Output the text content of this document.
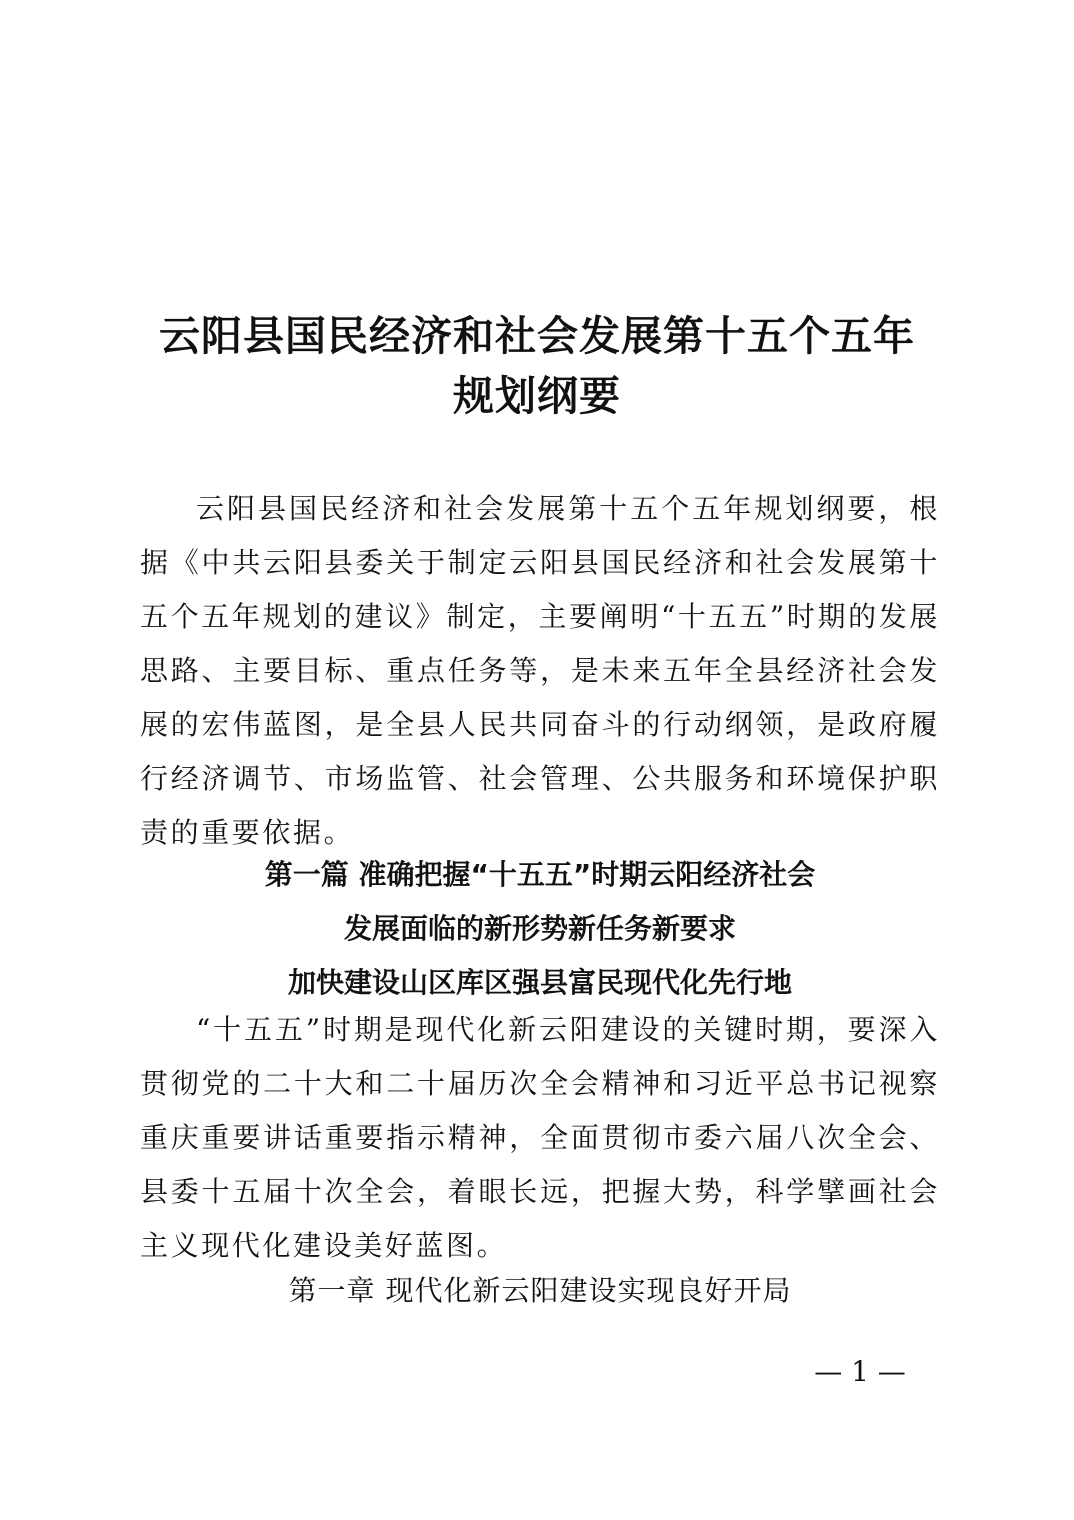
云阳县国民经济和社会发展第十五个五年
规划纲要

云阳县国民经济和社会发展第十五个五年规划纲要，根据《中共云阳县委关于制定云阳县国民经济和社会发展第十五个五年规划的建议》制定，主要阐明“十五五”时期的发展思路、主要目标、重点任务等，是未来五年全县经济社会发展的宏伟蓝图，是全县人民共同奋斗的行动纲领，是政府履行经济调节、市场监管、社会管理、公共服务和环境保护职责的重要依据。

第一篇 准确把握“十五五”时期云阳经济社会
发展面临的新形势新任务新要求
加快建设山区库区强县富民现代化先行地

“十五五”时期是现代化新云阳建设的关键时期，要深入贯彻党的二十大和二十届历次全会精神和习近平总书记视察重庆重要讲话重要指示精神，全面贯彻市委六届八次全会、县委十五届十次全会，着眼长远，把握大势，科学擘画社会主义现代化建设美好蓝图。

第一章 现代化新云阳建设实现良好开局
— 1 —
